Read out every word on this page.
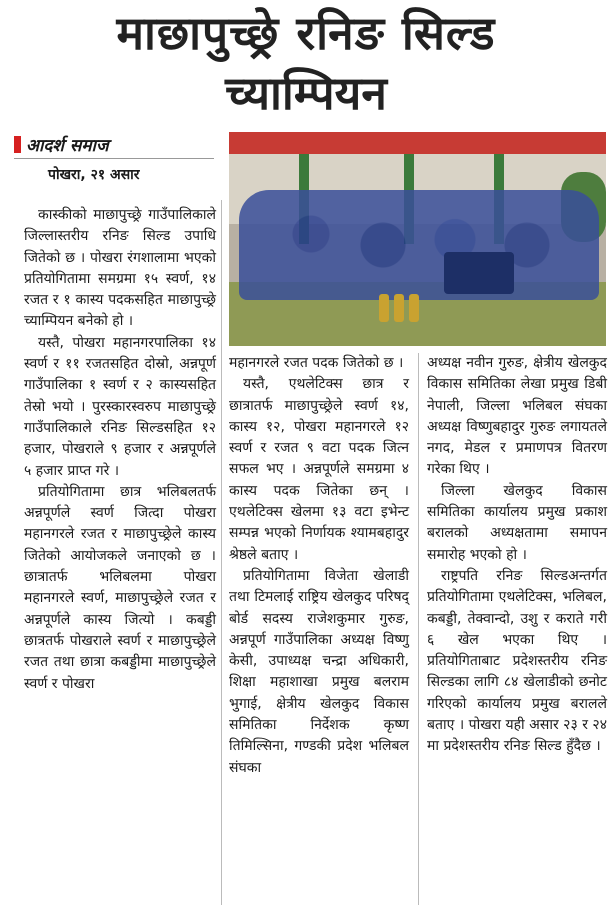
माछापुच्छ्रे रनिङ सिल्ड
च्याम्पियन
आदर्श समाज
पोखरा, २१ असार

कास्कीको माछापुच्छ्रे गाउँपालिकाले जिल्लास्तरीय रनिङ सिल्ड उपाधि जितेको छ । पोखरा रंगशालामा भएको प्रतियोगितामा समग्रमा १५ स्वर्ण, १४ रजत र १ कास्य पदकसहित माछापुच्छ्रे च्याम्पियन बनेको हो ।

यस्तै, पोखरा महानगरपालिका १४ स्वर्ण र ११ रजतसहित दोस्रो, अन्नपूर्ण गाउँपालिका १ स्वर्ण र २ कास्यसहित तेस्रो भयो । पुरस्कारस्वरुप माछापुच्छ्रे गाउँपालिकाले रनिङ सिल्डसहित १२ हजार, पोखराले ९ हजार र अन्नपूर्णले ५ हजार प्राप्त गरे ।

प्रतियोगितामा छात्र भलिबलतर्फ अन्नपूर्णले स्वर्ण जित्दा पोखरा महानगरले रजत र माछापुच्छ्रेले कास्य जितेको आयोजकले जनाएको छ । छात्रातर्फ भलिबलमा पोखरा महानगरले स्वर्ण, माछापुच्छ्रेले रजत र अन्नपूर्णले कास्य जित्यो । कबड्डी छात्रतर्फ पोखराले स्वर्ण र माछापुच्छ्रेले रजत तथा छात्रा कबड्डीमा माछापुच्छ्रेले स्वर्ण र पोखरा

महानगरले रजत पदक जितेको छ ।

यस्तै, एथलेटिक्स छात्र र छात्रातर्फ माछापुच्छ्रेले स्वर्ण १४, कास्य १२, पोखरा महानगरले १२ स्वर्ण र रजत ९ वटा पदक जित्न सफल भए । अन्नपूर्णले समग्रमा ४ कास्य पदक जितेका छन् । एथलेटिक्स खेलमा १३ वटा इभेन्ट सम्पन्न भएको निर्णायक श्यामबहादुर श्रेष्ठले बताए ।

प्रतियोगितामा विजेता खेलाडी तथा टिमलाई राष्ट्रिय खेलकुद परिषद् बोर्ड सदस्य राजेशकुमार गुरुङ, अन्नपूर्ण गाउँपालिका अध्यक्ष विष्णु केसी, उपाध्यक्ष चन्द्रा अधिकारी, शिक्षा महाशाखा प्रमुख बलराम भुगाई, क्षेत्रीय खेलकुद विकास समितिका निर्देशक कृष्ण तिमिल्सिना, गण्डकी प्रदेश भलिबल संघका

अध्यक्ष नवीन गुरुङ, क्षेत्रीय खेलकुद विकास समितिका लेखा प्रमुख डिबी नेपाली, जिल्ला भलिबल संघका अध्यक्ष विष्णुबहादुर गुरुङ लगायतले नगद, मेडल र प्रमाणपत्र वितरण गरेका थिए ।

जिल्ला खेलकुद विकास समितिका कार्यालय प्रमुख प्रकाश बरालको अध्यक्षतामा समापन समारोह भएको हो ।

राष्ट्रपति रनिङ सिल्डअन्तर्गत प्रतियोगितामा एथलेटिक्स, भलिबल, कबड्डी, तेक्वान्दो, उशु र कराते गरी ६ खेल भएका थिए । प्रतियोगिताबाट प्रदेशस्तरीय रनिङ सिल्डका लागि ८४ खेलाडीको छनोट गरिएको कार्यालय प्रमुख बरालले बताए । पोखरा यही असार २३ र २४ मा प्रदेशस्तरीय रनिङ सिल्ड हुँदैछ ।
